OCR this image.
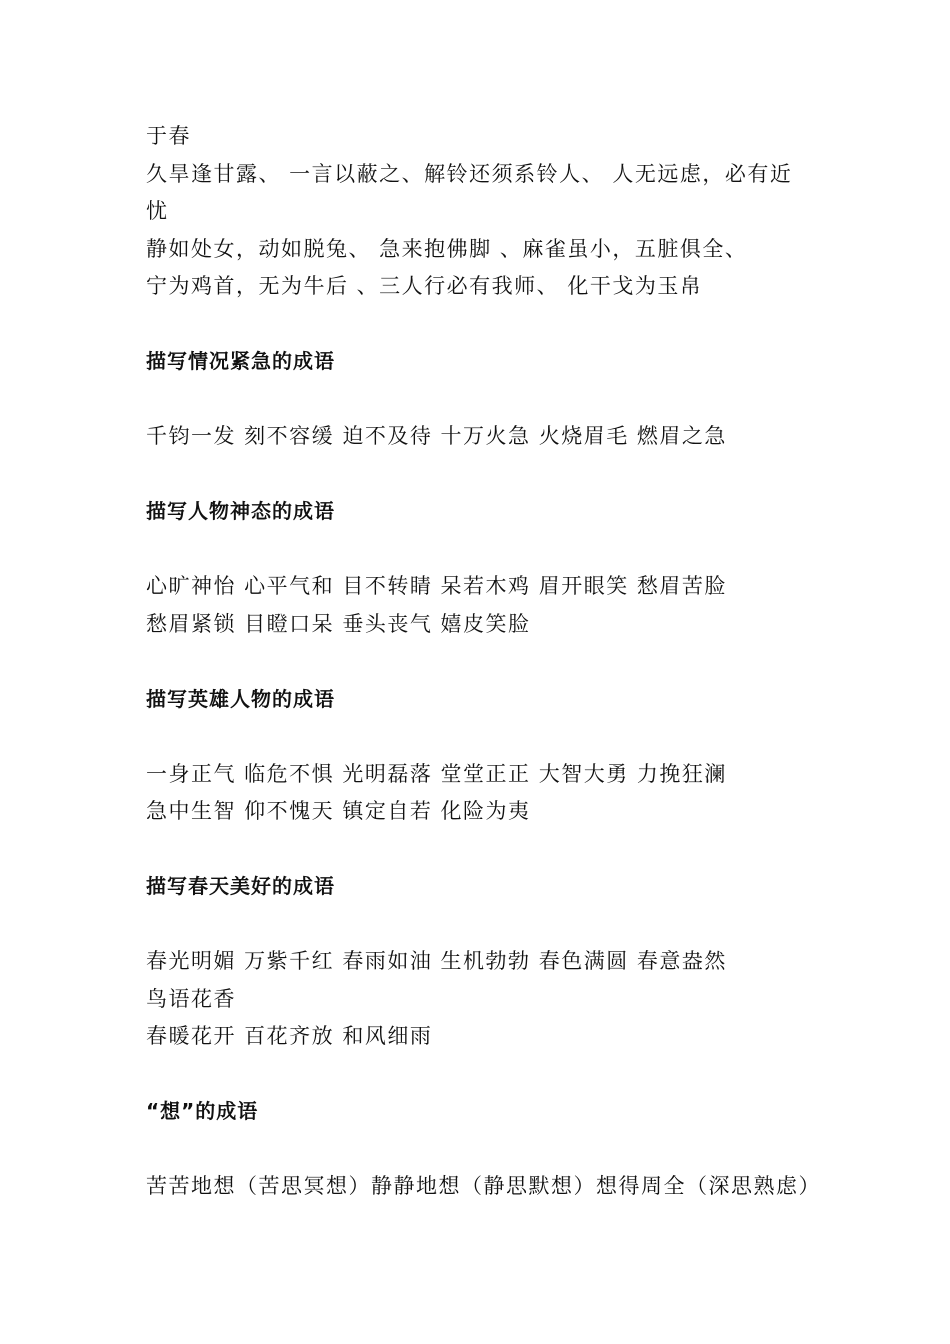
于春
久旱逢甘露、 一言以蔽之、解铃还须系铃人、 人无远虑，必有近
忧
静如处女，动如脱兔、 急来抱佛脚 、麻雀虽小，五脏俱全、
宁为鸡首，无为牛后 、三人行必有我师、 化干戈为玉帛
描写情况紧急的成语
千钧一发 刻不容缓 迫不及待 十万火急 火烧眉毛 燃眉之急
描写人物神态的成语
心旷神怡 心平气和 目不转睛 呆若木鸡 眉开眼笑 愁眉苦脸
愁眉紧锁 目瞪口呆 垂头丧气 嬉皮笑脸
描写英雄人物的成语
一身正气 临危不惧 光明磊落 堂堂正正 大智大勇 力挽狂澜
急中生智 仰不愧天 镇定自若 化险为夷
描写春天美好的成语
春光明媚 万紫千红 春雨如油 生机勃勃 春色满圆 春意盎然
鸟语花香
春暖花开 百花齐放 和风细雨
“想”的成语
苦苦地想（苦思冥想）静静地想（静思默想）想得周全（深思熟虑）
